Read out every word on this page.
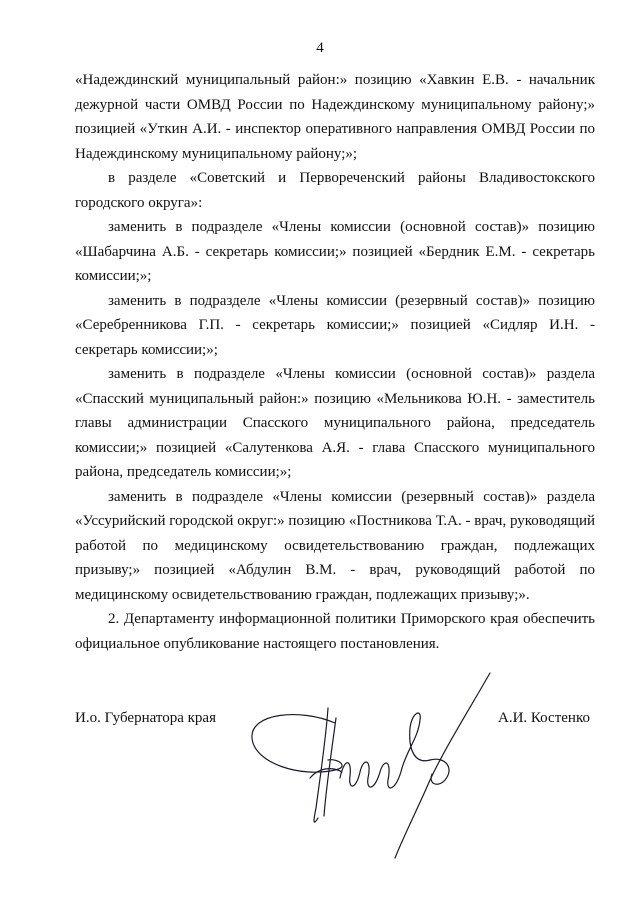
4

«Надеждинский муниципальный район:» позицию «Хавкин Е.В. - начальник дежурной части ОМВД России по Надеждинскому муниципальному району;» позицией «Уткин А.И. - инспектор оперативного направления ОМВД России по Надеждинскому муниципальному району;»;

в разделе «Советский и Первореченский районы Владивостокского городского округа»:

заменить в подразделе «Члены комиссии (основной состав)» позицию «Шабарчина А.Б. - секретарь комиссии;» позицией «Бердник Е.М. - секретарь комиссии;»;

заменить в подразделе «Члены комиссии (резервный состав)» позицию «Серебренникова Г.П. - секретарь комиссии;» позицией «Сидляр И.Н. - секретарь комиссии;»;

заменить в подразделе «Члены комиссии (основной состав)» раздела «Спасский муниципальный район:» позицию «Мельникова Ю.Н. - заместитель главы администрации Спасского муниципального района, председатель комиссии;» позицией «Салутенкова А.Я. - глава Спасского муниципального района, председатель комиссии;»;

заменить в подразделе «Члены комиссии (резервный состав)» раздела «Уссурийский городской округ:» позицию «Постникова Т.А. - врач, руководящий работой по медицинскому освидетельствованию граждан, подлежащих призыву;» позицией «Абдулин В.М. - врач, руководящий работой по медицинскому освидетельствованию граждан, подлежащих призыву;».

2. Департаменту информационной политики Приморского края обеспечить официальное опубликование настоящего постановления.

И.о. Губернатора края	А.И. Костенко
